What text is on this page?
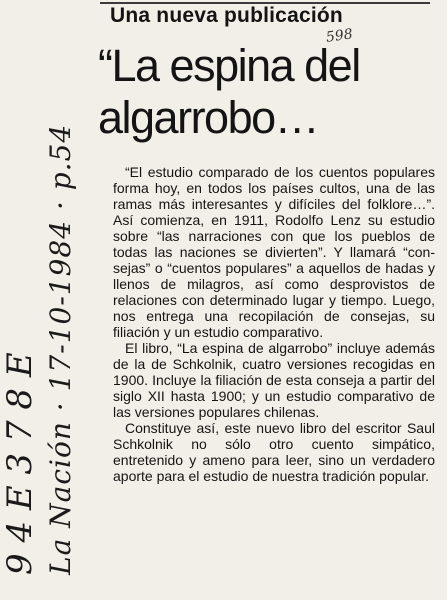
Una nueva publicación
598
“La espina del
algarrobo…

“El estudio comparado de los cuentos populares forma hoy, en todos los países cultos, una de las ramas más interesantes y difíciles del folklore…”. Así comienza, en 1911, Rodolfo Lenz su estudio sobre “las narraciones con que los pueblos de todas las naciones se divierten”. Y llamará “consejas” o “cuentos populares” a aquellos de hadas y llenos de milagros, así como desprovistos de relaciones con determinado lugar y tiempo. Luego, nos entrega una recopilación de consejas, su filiación y un estudio comparativo.

El libro, “La espina de algarrobo” incluye además de la de Schkolnik, cuatro versiones recogidas en 1900. Incluye la filiación de esta conseja a partir del siglo XII hasta 1900; y un estudio comparativo de las versiones populares chilenas.

Constituye así, este nuevo libro del escritor Saul Schkolnik no sólo otro cuento simpático, entretenido y ameno para leer, sino un verdadero aporte para el estudio de nuestra tradición popular.

La Nación · 17-10-1984 · p.54
9 4 E 3 7 8 E
